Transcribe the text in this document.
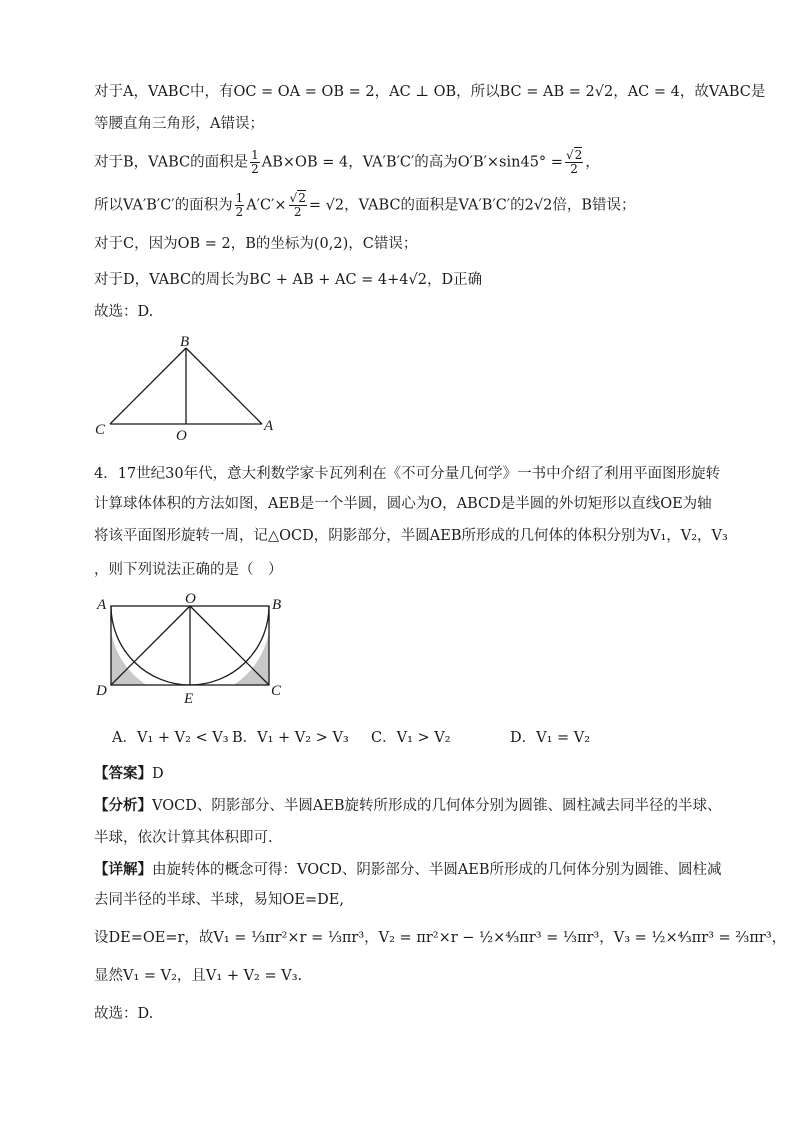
对于A，VABC中，有OC = OA = OB = 2，AC ⊥ OB，所以BC = AB = 2√2，AC = 4，故VABC是
等腰直角三角形，A错误；
对于B，VABC的面积是 $\frac{1}{2} AB\times OB = 4$，VA′B′C′的高为$O'B'\times\sin 45^\circ = \frac{√2}{2}$ ，
所以VA′B′C′的面积为 $\frac{1}{2} A'C'\times \frac{√2}{2} = √2$，VABC的面积是VA′B′C′的2√2倍，B错误；
对于C，因为OB = 2，B的坐标为(0,2)，C错误；
对于D，VABC的周长为BC + AB + AC = 4+4√2，D正确
故选：D.
B
C	O
A
4．17世纪30年代，意大利数学家卡瓦列利在《不可分量几何学》一书中介绍了利用平面图形旋转
计算球体体积的方法如图，AEB是一个半圆，圆心为O，ABCD是半圆的外切矩形以直线OE为轴
将该平面图形旋转一周，记△OCD，阴影部分，半圆AEB所形成的几何体的体积分别为V₁，V₂，V₃
，则下列说法正确的是（　）
A	O	B
D	E	C
A．V₁ + V₂ < V₃ B．V₁ + V₂ > V₃ C．V₁ > V₂	D．V₁ = V₂
【答案】D
【分析】VOCD、阴影部分、半圆AEB旋转所形成的几何体分别为圆锥、圆柱减去同半径的半球、
半球，依次计算其体积即可.
【详解】由旋转体的概念可得：VOCD、阴影部分、半圆AEB所形成的几何体分别为圆锥、圆柱减
去同半径的半球、半球，易知OE=DE,
设DE=OE=r，故V₁ = ⅓πr²×r = ⅓πr³，V₂ = πr²×r − ½×⁴⁄₃πr³ = ⅓πr³，V₃ = ½×⁴⁄₃πr³ = ⅔πr³，
显然V₁ = V₂，且V₁ + V₂ = V₃.
故选：D.
